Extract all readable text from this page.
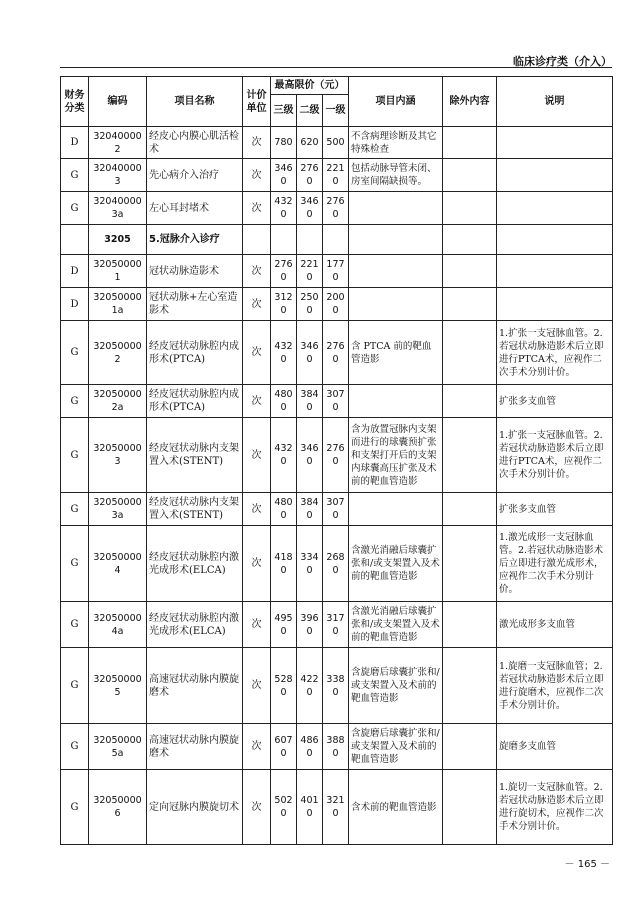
临床诊疗类（介入）
财务分类	编码	项目名称	计价单位	最高限价（元）			项目内涵	除外内容	说明
				三级	二级	一级			
D	320400002	经皮心内膜心肌活检术	次	780	620	500	不含病理诊断及其它特殊检查		
G	320400003	先心病介入治疗	次	3460	2760	2210	包括动脉导管未闭、房室间隔缺损等。		
G	320400003a	左心耳封堵术	次	4320	3460	2760			
	3205	5.冠脉介入诊疗							
D	320500001	冠状动脉造影术	次	2760	2210	1770			
D	320500001a	冠状动脉+左心室造影术	次	3120	2500	2000			
G	320500002	经皮冠状动脉腔内成形术(PTCA)	次	4320	3460	2760	含 PTCA 前的靶血管造影		1.扩张一支冠脉血管。2.若冠状动脉造影术后立即进行PTCA术，应视作二次手术分别计价。
G	320500002a	经皮冠状动脉腔内成形术(PTCA)	次	4800	3840	3070			扩张多支血管
G	320500003	经皮冠状动脉内支架置入术(STENT)	次	4320	3460	2760	含为放置冠脉内支架而进行的球囊预扩张和支架打开后的支架内球囊高压扩张及术前的靶血管造影		1.扩张一支冠脉血管。2.若冠状动脉造影术后立即进行PTCA术，应视作二次手术分别计价。
G	320500003a	经皮冠状动脉内支架置入术(STENT)	次	4800	3840	3070			扩张多支血管
G	320500004	经皮冠状动脉腔内激光成形术(ELCA)	次	4180	3340	2680	含激光消融后球囊扩张和/或支架置入及术前的靶血管造影		1.激光成形一支冠脉血管。2.若冠状动脉造影术后立即进行激光成形术，应视作二次手术分别计价。
G	320500004a	经皮冠状动脉腔内激光成形术(ELCA)	次	4950	3960	3170	含激光消融后球囊扩张和/或支架置入及术前的靶血管造影		激光成形多支血管
G	320500005	高速冠状动脉内膜旋磨术	次	5280	4220	3380	含旋磨后球囊扩张和/或支架置入及术前的靶血管造影		1.旋磨一支冠脉血管；2.若冠状动脉造影术后立即进行旋磨术，应视作二次手术分别计价。
G	320500005a	高速冠状动脉内膜旋磨术	次	6070	4860	3880	含旋磨后球囊扩张和/或支架置入及术前的靶血管造影		旋磨多支血管
G	320500006	定向冠脉内膜旋切术	次	5020	4010	3210	含术前的靶血管造影		1.旋切一支冠脉血管。2.若冠状动脉造影术后立即进行旋切术，应视作二次手术分别计价。
－ 165 －
